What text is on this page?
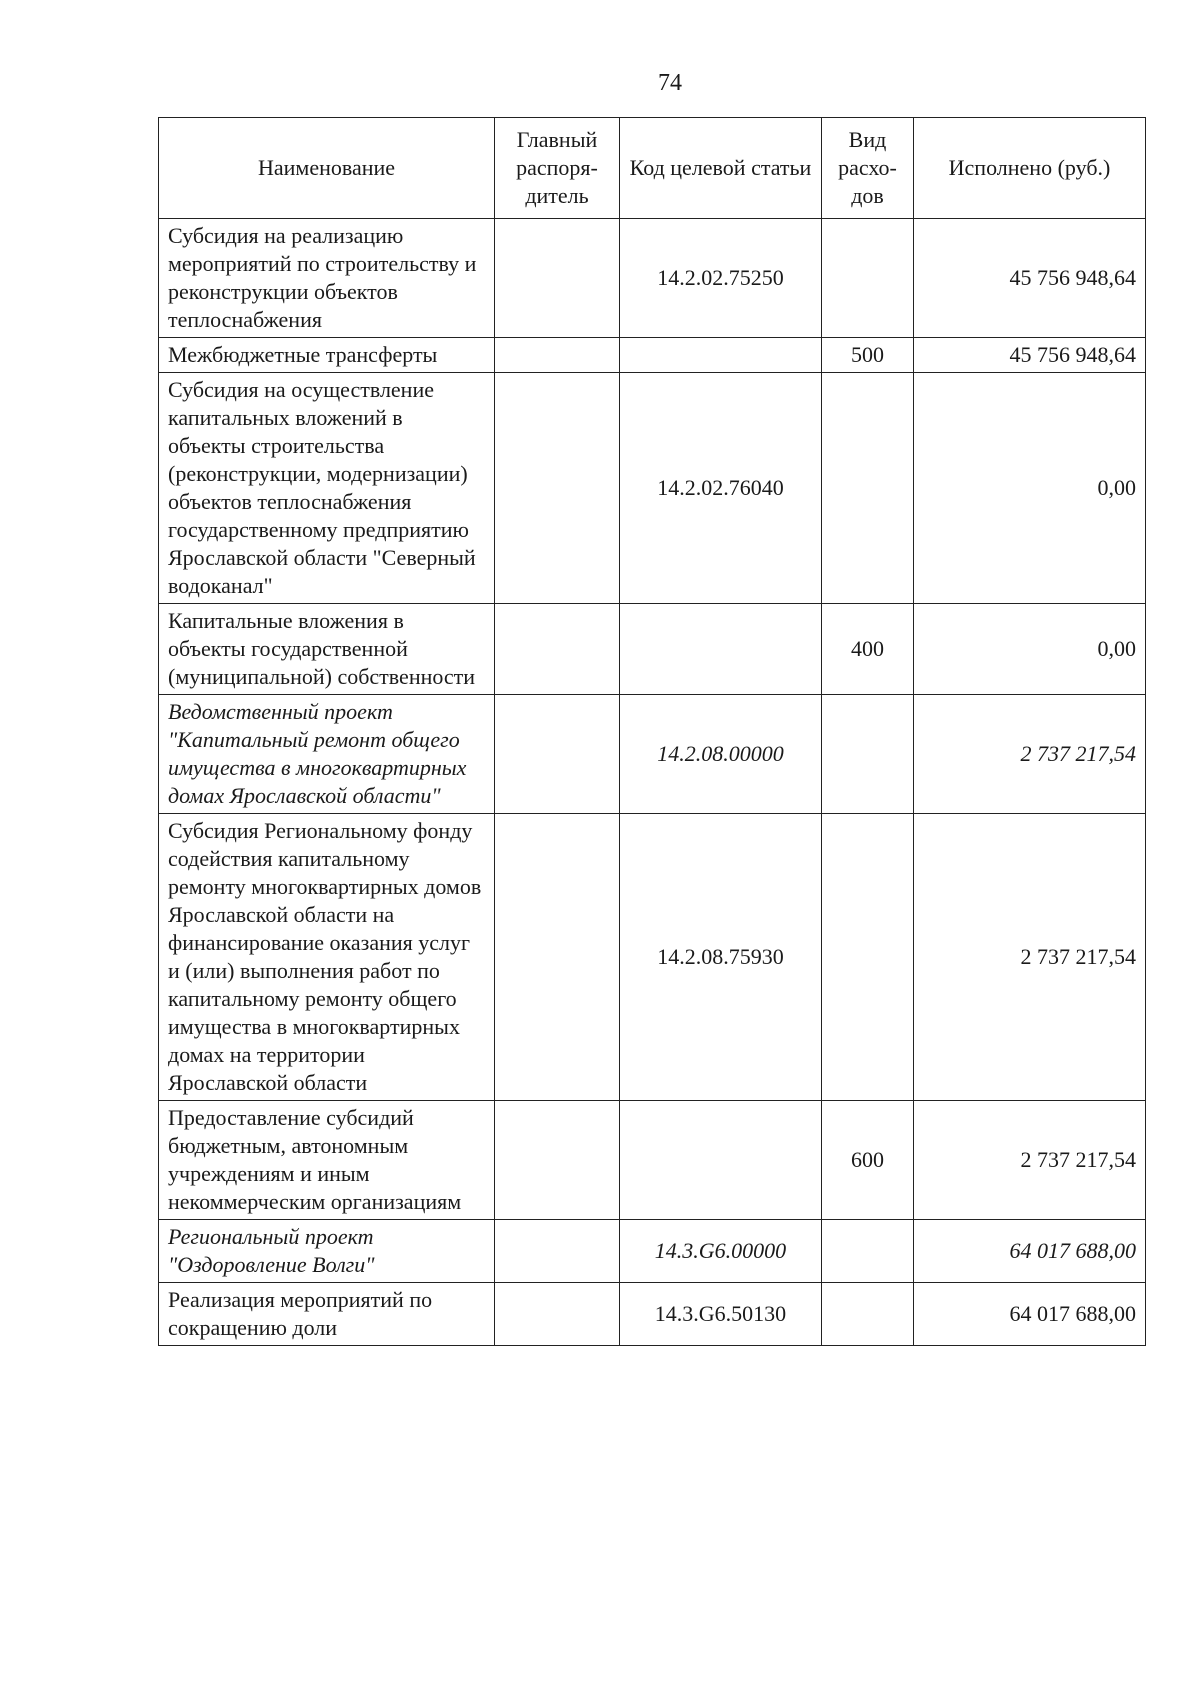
74
Наименование	Главный распоря-дитель	Код целевой статьи	Вид расхо-дов	Исполнено (руб.)
Субсидия на реализацию мероприятий по строительству и реконструкции объектов теплоснабжения		14.2.02.75250		45 756 948,64
Межбюджетные трансферты			500	45 756 948,64
Субсидия на осуществление капитальных вложений в объекты строительства (реконструкции, модернизации) объектов теплоснабжения государственному предприятию Ярославской области "Северный водоканал"		14.2.02.76040		0,00
Капитальные вложения в объекты государственной (муниципальной) собственности			400	0,00
Ведомственный проект "Капитальный ремонт общего имущества в многоквартирных домах Ярославской области"		14.2.08.00000		2 737 217,54
Субсидия Региональному фонду содействия капитальному ремонту многоквартирных домов Ярославской области на финансирование оказания услуг и (или) выполнения работ по капитальному ремонту общего имущества в многоквартирных домах на территории Ярославской области		14.2.08.75930		2 737 217,54
Предоставление субсидий бюджетным, автономным учреждениям и иным некоммерческим организациям			600	2 737 217,54
Региональный проект "Оздоровление Волги"		14.3.G6.00000		64 017 688,00
Реализация мероприятий по сокращению доли		14.3.G6.50130		64 017 688,00
